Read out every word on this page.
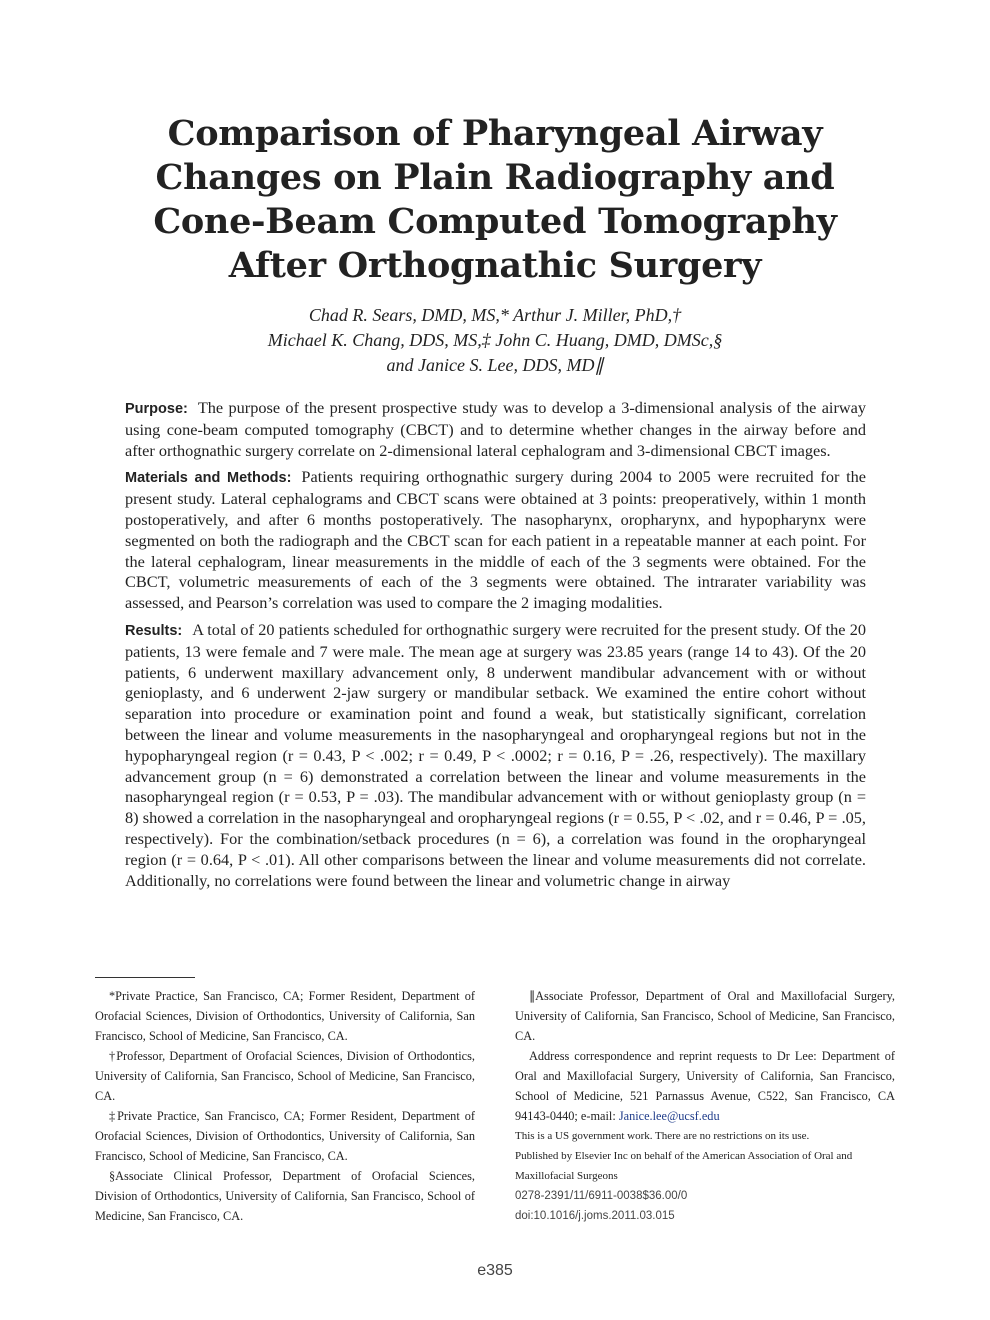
Comparison of Pharyngeal Airway
Changes on Plain Radiography and
Cone-Beam Computed Tomography
After Orthognathic Surgery
Chad R. Sears, DMD, MS,* Arthur J. Miller, PhD,†
Michael K. Chang, DDS, MS,‡ John C. Huang, DMD, DMSc,§
and Janice S. Lee, DDS, MD∥

Purpose: The purpose of the present prospective study was to develop a 3-dimensional analysis of the airway using cone-beam computed tomography (CBCT) and to determine whether changes in the airway before and after orthognathic surgery correlate on 2-dimensional lateral cephalogram and 3-dimensional CBCT images.

Materials and Methods: Patients requiring orthognathic surgery during 2004 to 2005 were recruited for the present study. Lateral cephalograms and CBCT scans were obtained at 3 points: preoperatively, within 1 month postoperatively, and after 6 months postoperatively. The nasopharynx, oropharynx, and hypopharynx were segmented on both the radiograph and the CBCT scan for each patient in a repeatable manner at each point. For the lateral cephalogram, linear measurements in the middle of each of the 3 segments were obtained. For the CBCT, volumetric measurements of each of the 3 segments were obtained. The intrarater variability was assessed, and Pearson’s correlation was used to compare the 2 imaging modalities.

Results: A total of 20 patients scheduled for orthognathic surgery were recruited for the present study. Of the 20 patients, 13 were female and 7 were male. The mean age at surgery was 23.85 years (range 14 to 43). Of the 20 patients, 6 underwent maxillary advancement only, 8 underwent mandibular advancement with or without genioplasty, and 6 underwent 2-jaw surgery or mandibular setback. We examined the entire cohort without separation into procedure or examination point and found a weak, but statistically significant, correlation between the linear and volume measurements in the nasopharyngeal and oropharyngeal regions but not in the hypopharyngeal region (r = 0.43, P < .002; r = 0.49, P < .0002; r = 0.16, P = .26, respectively). The maxillary advancement group (n = 6) demonstrated a correlation between the linear and volume measurements in the nasopharyngeal region (r = 0.53, P = .03). The mandibular advancement with or without genioplasty group (n = 8) showed a correlation in the nasopharyngeal and oropharyngeal regions (r = 0.55, P < .02, and r = 0.46, P = .05, respectively). For the combination/setback procedures (n = 6), a correlation was found in the oropharyngeal region (r = 0.64, P < .01). All other comparisons between the linear and volume measurements did not correlate. Additionally, no correlations were found between the linear and volumetric change in airway

*Private Practice, San Francisco, CA; Former Resident, Department of Orofacial Sciences, Division of Orthodontics, University of California, San Francisco, School of Medicine, San Francisco, CA.

†Professor, Department of Orofacial Sciences, Division of Orthodontics, University of California, San Francisco, School of Medicine, San Francisco, CA.

‡Private Practice, San Francisco, CA; Former Resident, Department of Orofacial Sciences, Division of Orthodontics, University of California, San Francisco, School of Medicine, San Francisco, CA.

§Associate Clinical Professor, Department of Orofacial Sciences, Division of Orthodontics, University of California, San Francisco, School of Medicine, San Francisco, CA.

∥Associate Professor, Department of Oral and Maxillofacial Surgery, University of California, San Francisco, School of Medicine, San Francisco, CA.

Address correspondence and reprint requests to Dr Lee: Department of Oral and Maxillofacial Surgery, University of California, San Francisco, School of Medicine, 521 Parnassus Avenue, C522, San Francisco, CA 94143-0440; e-mail: Janice.lee@ucsf.edu

This is a US government work. There are no restrictions on its use.

Published by Elsevier Inc on behalf of the American Association of Oral and Maxillofacial Surgeons

0278-2391/11/6911-0038$36.00/0

doi:10.1016/j.joms.2011.03.015

e385
